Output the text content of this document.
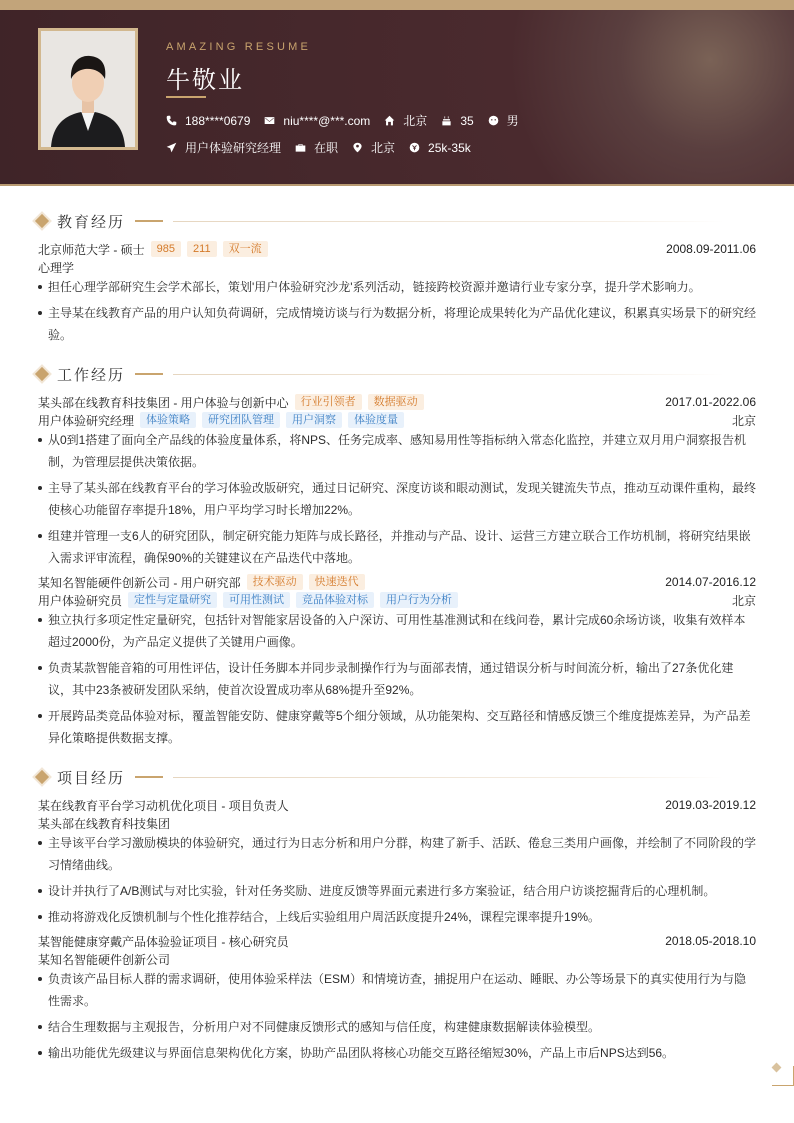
AMAZING RESUME
牛敬业
188****0679	niu****@***.com	北京	35	男
用户体验研究经理	在职	北京	25k-35k
教育经历
北京师范大学 - 硕士	985	211	双一流	2008.09-2011.06
心理学
担任心理学部研究生会学术部长，策划'用户体验研究沙龙'系列活动，链接跨校资源并邀请行业专家分享，提升学术影响力。
主导某在线教育产品的用户认知负荷调研，完成情境访谈与行为数据分析，将理论成果转化为产品优化建议，积累真实场景下的研究经验。
工作经历
某头部在线教育科技集团 - 用户体验与创新中心	行业引领者	数据驱动	2017.01-2022.06
用户体验研究经理	体验策略	研究团队管理	用户洞察	体验度量	北京
从0到1搭建了面向全产品线的体验度量体系，将NPS、任务完成率、感知易用性等指标纳入常态化监控，并建立双月用户洞察报告机制，为管理层提供决策依据。
主导了某头部在线教育平台的学习体验改版研究，通过日记研究、深度访谈和眼动测试，发现关键流失节点，推动互动课件重构，最终使核心功能留存率提升18%，用户平均学习时长增加22%。
组建并管理一支6人的研究团队，制定研究能力矩阵与成长路径，并推动与产品、设计、运营三方建立联合工作坊机制，将研究结果嵌入需求评审流程，确保90%的关键建议在产品迭代中落地。
某知名智能硬件创新公司 - 用户研究部	技术驱动	快速迭代	2014.07-2016.12
用户体验研究员	定性与定量研究	可用性测试	竞品体验对标	用户行为分析	北京
独立执行多项定性定量研究，包括针对智能家居设备的入户深访、可用性基准测试和在线问卷，累计完成60余场访谈，收集有效样本超过2000份，为产品定义提供了关键用户画像。
负责某款智能音箱的可用性评估，设计任务脚本并同步录制操作行为与面部表情，通过错误分析与时间流分析，输出了27条优化建议，其中23条被研发团队采纳，使首次设置成功率从68%提升至92%。
开展跨品类竞品体验对标，覆盖智能安防、健康穿戴等5个细分领域，从功能架构、交互路径和情感反馈三个维度提炼差异，为产品差异化策略提供数据支撑。
项目经历
某在线教育平台学习动机优化项目 - 项目负责人	2019.03-2019.12
某头部在线教育科技集团
主导该平台学习激励模块的体验研究，通过行为日志分析和用户分群，构建了新手、活跃、倦怠三类用户画像，并绘制了不同阶段的学习情绪曲线。
设计并执行了A/B测试与对比实验，针对任务奖励、进度反馈等界面元素进行多方案验证，结合用户访谈挖掘背后的心理机制。
推动将游戏化反馈机制与个性化推荐结合，上线后实验组用户周活跃度提升24%，课程完课率提升19%。
某智能健康穿戴产品体验验证项目 - 核心研究员	2018.05-2018.10
某知名智能硬件创新公司
负责该产品目标人群的需求调研，使用体验采样法（ESM）和情境访查，捕捉用户在运动、睡眠、办公等场景下的真实使用行为与隐性需求。
结合生理数据与主观报告，分析用户对不同健康反馈形式的感知与信任度，构建健康数据解读体验模型。
输出功能优先级建议与界面信息架构优化方案，协助产品团队将核心功能交互路径缩短30%，产品上市后NPS达到56。
